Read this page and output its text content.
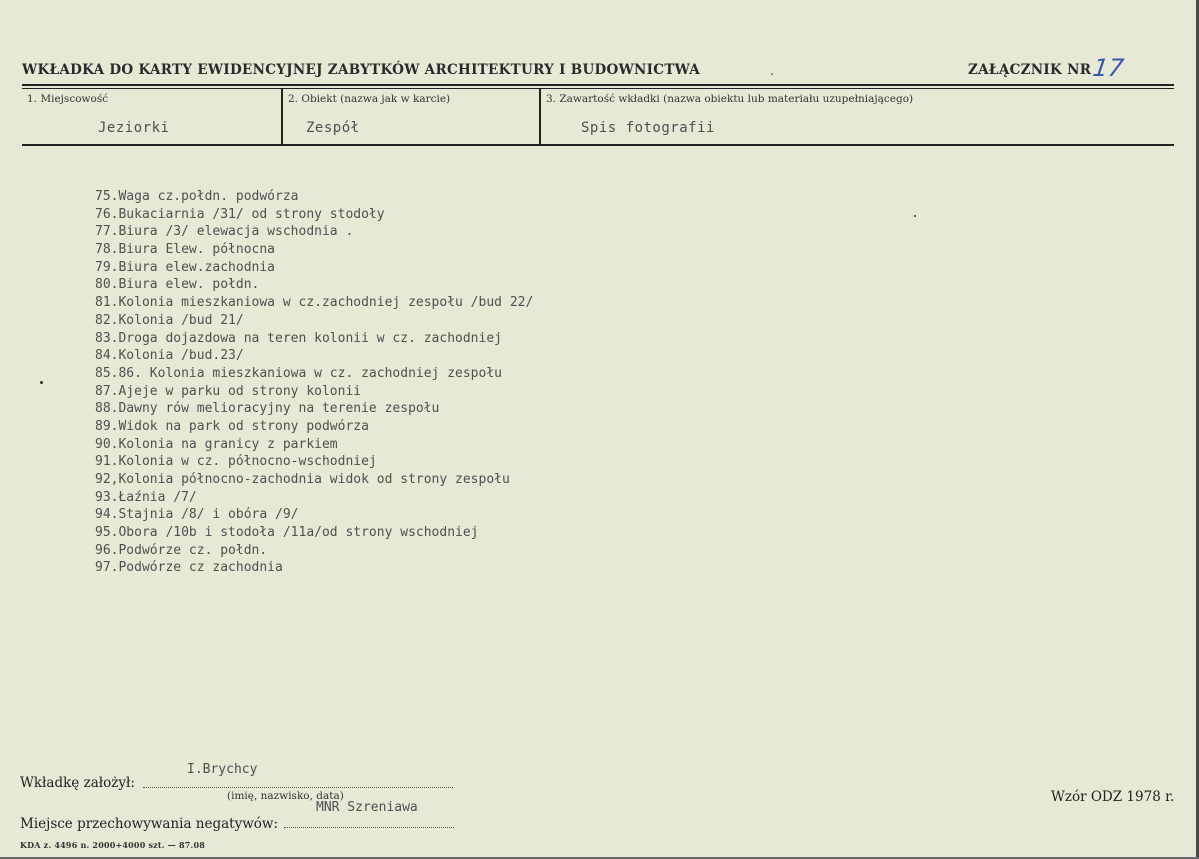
WKŁADKA DO KARTY EWIDENCYJNEJ ZABYTKÓW ARCHITEKTURY I BUDOWNICTWA	.	ZAŁĄCZNIK NR 17
1. Miejscowość
Jeziorki
2. Obiekt (nazwa jak w karcie)
Zespół
3. Zawartość wkładki (nazwa obiektu lub materiału uzupełniającego)
Spis fotografii
75.Waga cz.połdn. podwórza
76.Bukaciarnia /31/ od strony stodoły
77.Biura /3/ elewacja wschodnia .
78.Biura Elew. północna
79.Biura elew.zachodnia
80.Biura elew. połdn.
81.Kolonia mieszkaniowa w cz.zachodniej zespołu /bud 22/
82.Kolonia /bud 21/
83.Droga dojazdowa na teren kolonii w cz. zachodniej
84.Kolonia /bud.23/
85.86. Kolonia mieszkaniowa w cz. zachodniej zespołu
87.Ajeje w parku od strony kolonii
88.Dawny rów melioracyjny na terenie zespołu
89.Widok na park od strony podwórza
90.Kolonia na granicy z parkiem
91.Kolonia w cz. północno-wschodniej
92,Kolonia północno-zachodnia widok od strony zespołu
93.Łaźnia /7/
94.Stajnia /8/ i obóra /9/
95.Obora /10b i stodoła /11a/od strony wschodniej
96.Podwórze cz. połdn.
97.Podwórze cz zachodnia
Wkładkę założył:
I.Brychcy
(imię, nazwisko, data)
MNR Szreniawa
Miejsce przechowywania negatywów:
Wzór ODZ 1978 r.
KDA z. 4496 n. 2000+4000 szt. — 87.08
